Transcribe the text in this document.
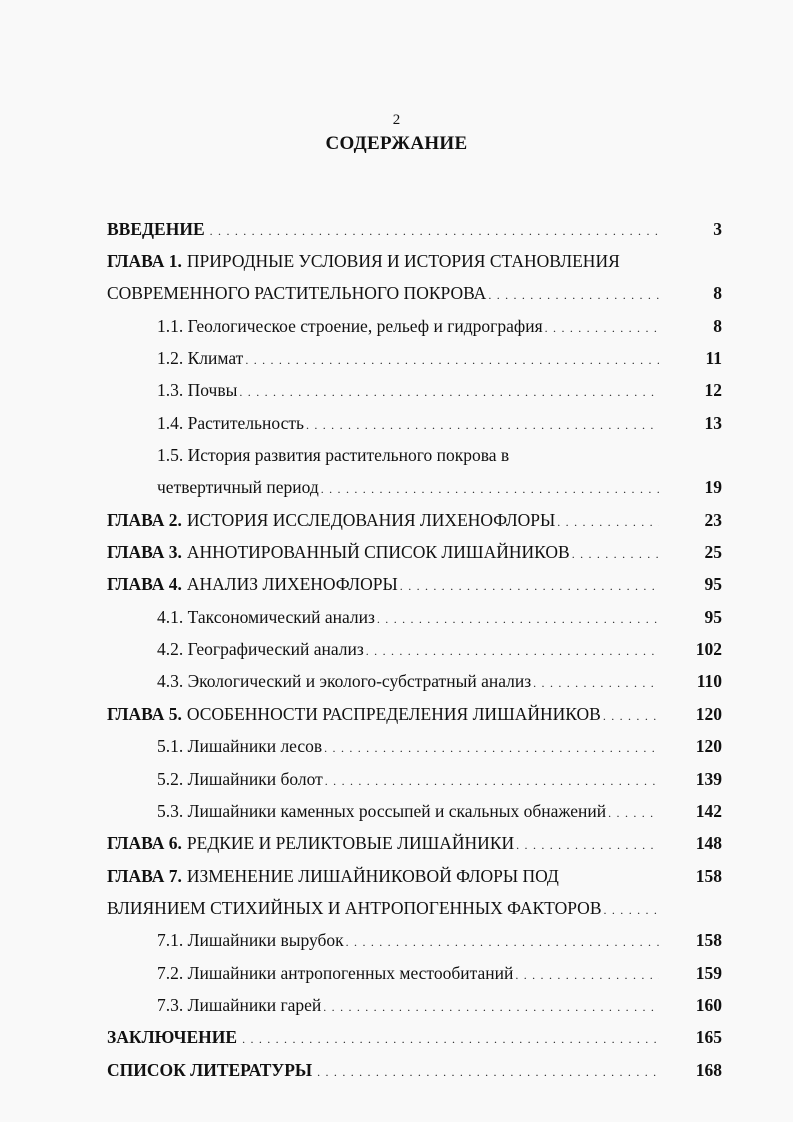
2
СОДЕРЖАНИЕ
ВВЕДЕНИЕ . . .	3
ГЛАВА 1. ПРИРОДНЫЕ УСЛОВИЯ И ИСТОРИЯ СТАНОВЛЕНИЯ
СОВРЕМЕННОГО РАСТИТЕЛЬНОГО ПОКРОВА . . .	8
1.1. Геологическое строение, рельеф и гидрография . . .	8
1.2. Климат . . .	11
1.3. Почвы . . .	12
1.4. Растительность . . .	13
1.5. История развития растительного покрова в
четвертичный период . . .	19
ГЛАВА 2. ИСТОРИЯ ИССЛЕДОВАНИЯ ЛИХЕНОФЛОРЫ . . .	23
ГЛАВА 3. АННОТИРОВАННЫЙ СПИСОК ЛИШАЙНИКОВ . . .	25
ГЛАВА 4. АНАЛИЗ ЛИХЕНОФЛОРЫ . . .	95
4.1. Таксономический анализ . . .	95
4.2. Географический анализ . . .	102
4.3. Экологический и эколого-субстратный анализ . . .	110
ГЛАВА 5. ОСОБЕННОСТИ РАСПРЕДЕЛЕНИЯ ЛИШАЙНИКОВ . . .	120
5.1. Лишайники лесов . . .	120
5.2. Лишайники болот . . .	139
5.3. Лишайники каменных россыпей и скальных обнажений . . .	142
ГЛАВА 6. РЕДКИЕ И РЕЛИКТОВЫЕ ЛИШАЙНИКИ . . .	148
ГЛАВА 7. ИЗМЕНЕНИЕ ЛИШАЙНИКОВОЙ ФЛОРЫ ПОД	158
ВЛИЯНИЕМ СТИХИЙНЫХ И АНТРОПОГЕННЫХ ФАКТОРОВ
. . .
7.1. Лишайники вырубок . . .	158
7.2. Лишайники антропогенных местообитаний . . .	159
7.3. Лишайники гарей . . .	160
ЗАКЛЮЧЕНИЕ . . .	165
СПИСОК ЛИТЕРАТУРЫ . . .	168
